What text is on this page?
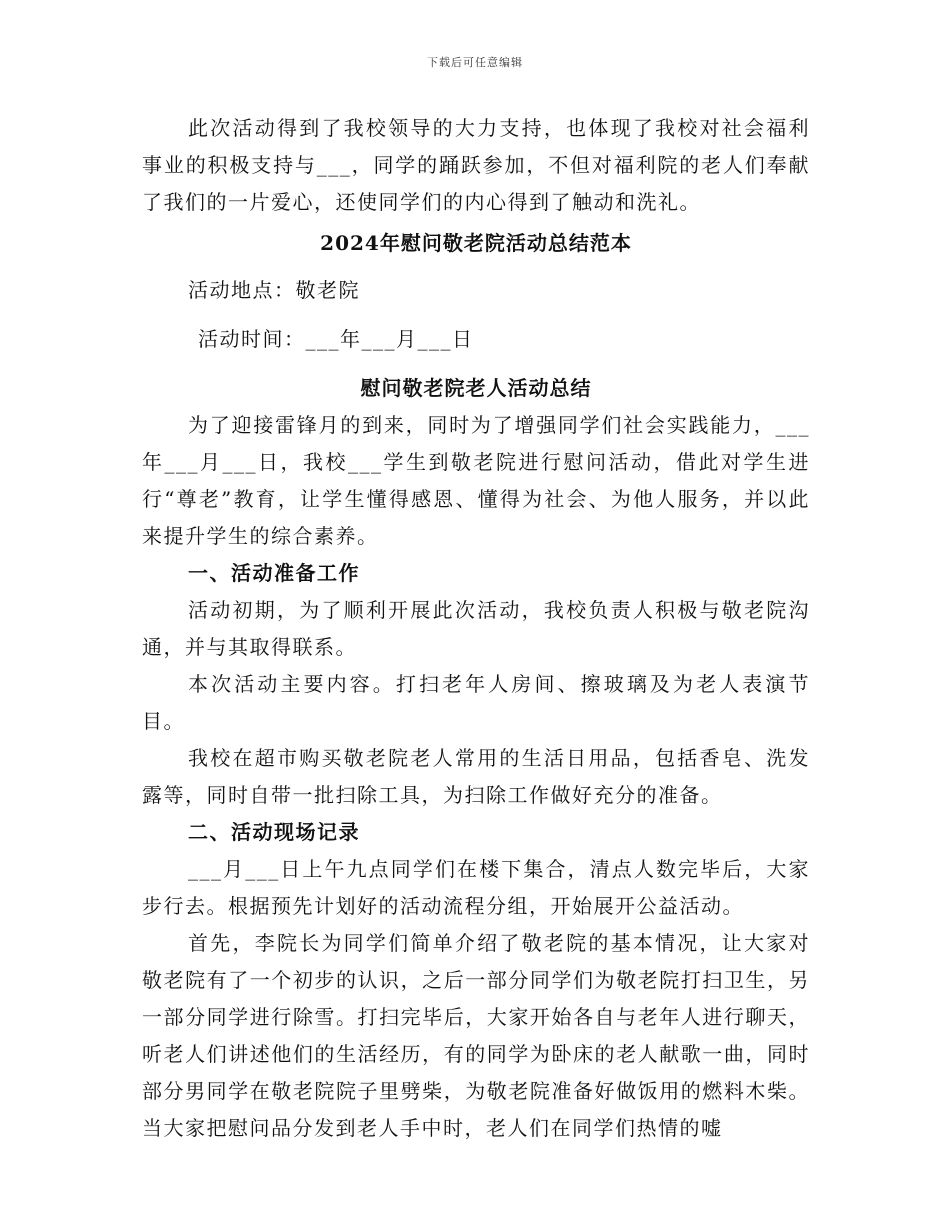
下载后可任意编辑

此次活动得到了我校领导的大力支持，也体现了我校对社会福利事业的积极支持与___，同学的踊跃参加，不但对福利院的老人们奉献了我们的一片爱心，还使同学们的内心得到了触动和洗礼。

2024年慰问敬老院活动总结范本

活动地点：敬老院

活动时间：___年___月___日

慰问敬老院老人活动总结

为了迎接雷锋月的到来，同时为了增强同学们社会实践能力，___年___月___日，我校___学生到敬老院进行慰问活动，借此对学生进行“尊老”教育，让学生懂得感恩、懂得为社会、为他人服务，并以此来提升学生的综合素养。

一、活动准备工作

活动初期，为了顺利开展此次活动，我校负责人积极与敬老院沟通，并与其取得联系。

本次活动主要内容。打扫老年人房间、擦玻璃及为老人表演节目。

我校在超市购买敬老院老人常用的生活日用品，包括香皂、洗发露等，同时自带一批扫除工具，为扫除工作做好充分的准备。

二、活动现场记录

___月___日上午九点同学们在楼下集合，清点人数完毕后，大家步行去。根据预先计划好的活动流程分组，开始展开公益活动。

首先，李院长为同学们简单介绍了敬老院的基本情况，让大家对敬老院有了一个初步的认识，之后一部分同学们为敬老院打扫卫生，另一部分同学进行除雪。打扫完毕后，大家开始各自与老年人进行聊天，听老人们讲述他们的生活经历，有的同学为卧床的老人献歌一曲，同时部分男同学在敬老院院子里劈柴，为敬老院准备好做饭用的燃料木柴。当大家把慰问品分发到老人手中时，老人们在同学们热情的嘘
